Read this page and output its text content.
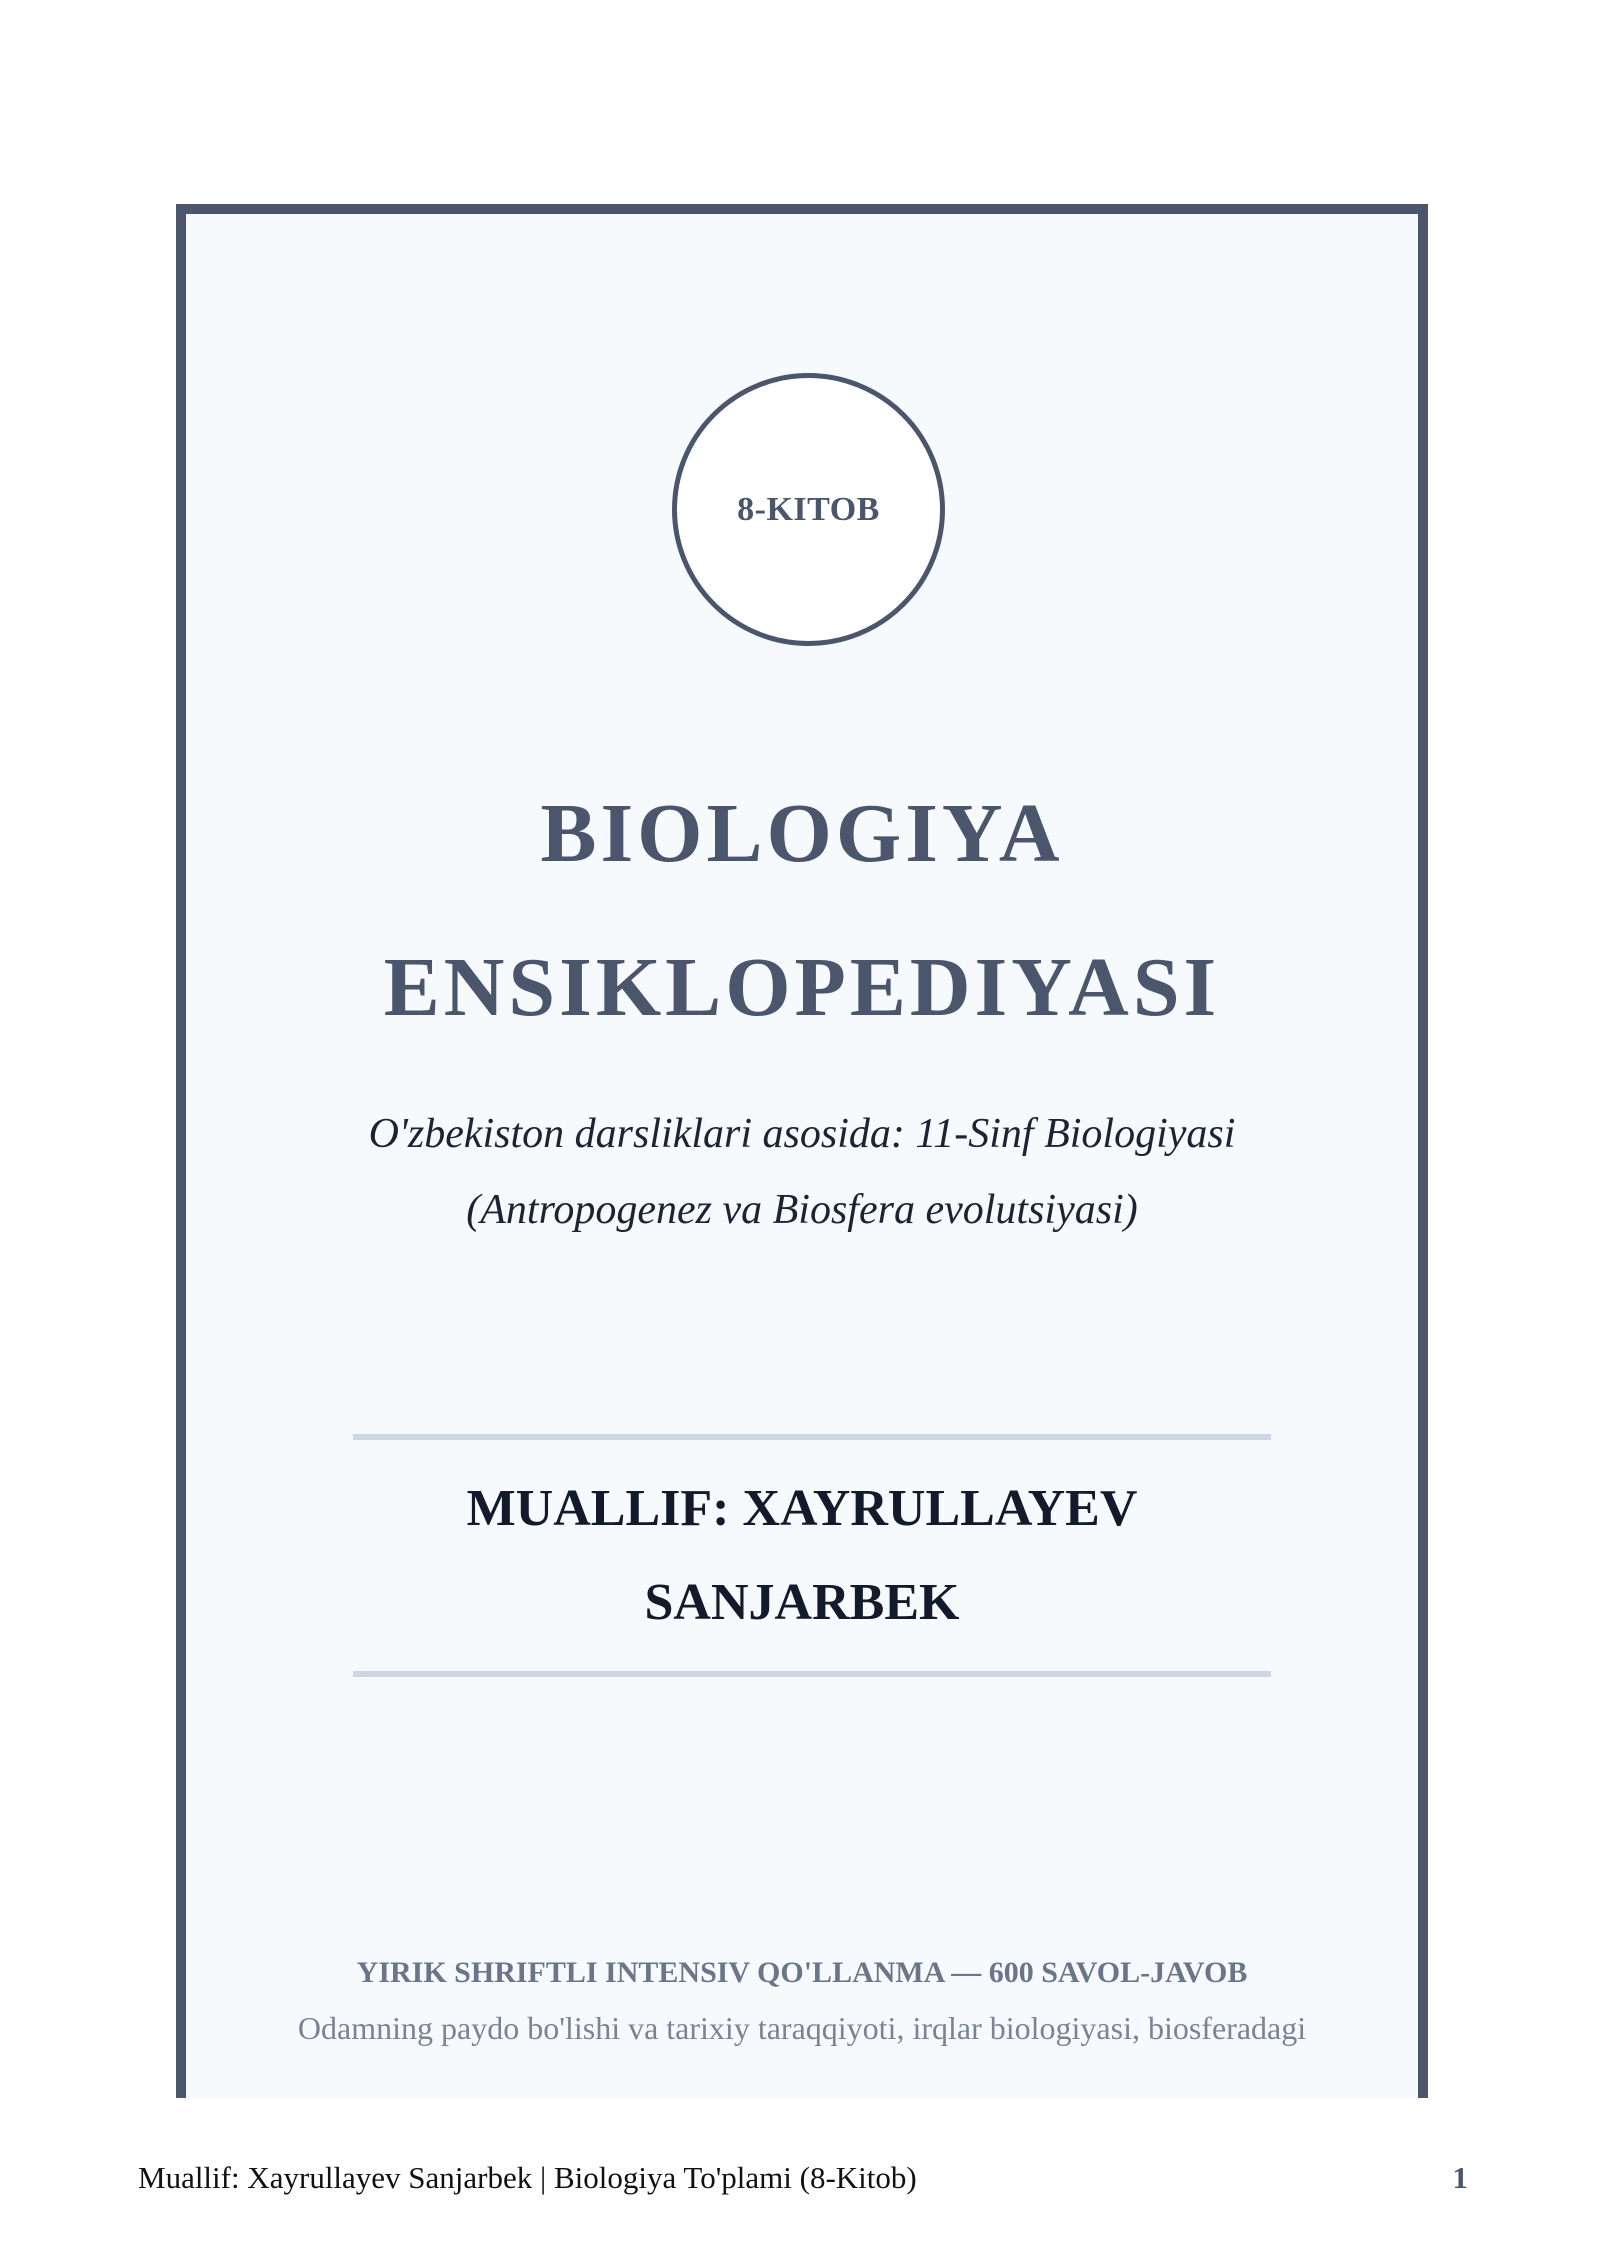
8-KITOB
BIOLOGIYA
ENSIKLOPEDIYASI
O'zbekiston darsliklari asosida: 11-Sinf Biologiyasi
(Antropogenez va Biosfera evolutsiyasi)
MUALLIF: XAYRULLAYEV
SANJARBEK
YIRIK SHRIFTLI INTENSIV QO'LLANMA — 600 SAVOL-JAVOB
Odamning paydo bo'lishi va tarixiy taraqqiyoti, irqlar biologiyasi, biosferadagi
Muallif: Xayrullayev Sanjarbek | Biologiya To'plami (8-Kitob)	1
